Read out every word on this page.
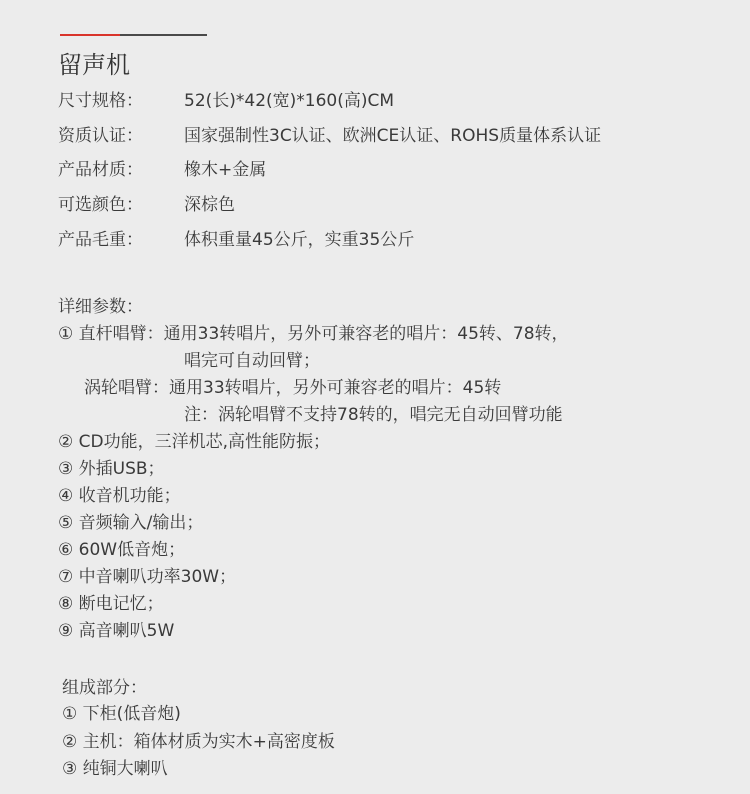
留声机
尺寸规格： 52(长)*42(宽)*160(高)CM
资质认证： 国家强制性3C认证、欧洲CE认证、ROHS质量体系认证
产品材质： 橡木+金属
可选颜色： 深棕色
产品毛重： 体积重量45公斤，实重35公斤
详细参数：
① 直杆唱臂：通用33转唱片，另外可兼容老的唱片：45转、78转，
唱完可自动回臂；
涡轮唱臂：通用33转唱片，另外可兼容老的唱片：45转
注：涡轮唱臂不支持78转的，唱完无自动回臂功能
② CD功能，三洋机芯,高性能防振；
③ 外插USB；
④ 收音机功能；
⑤ 音频输入/输出；
⑥ 60W低音炮；
⑦ 中音喇叭功率30W；
⑧ 断电记忆；
⑨ 高音喇叭5W
组成部分：
① 下柜(低音炮)
② 主机：箱体材质为实木+高密度板
③ 纯铜大喇叭
